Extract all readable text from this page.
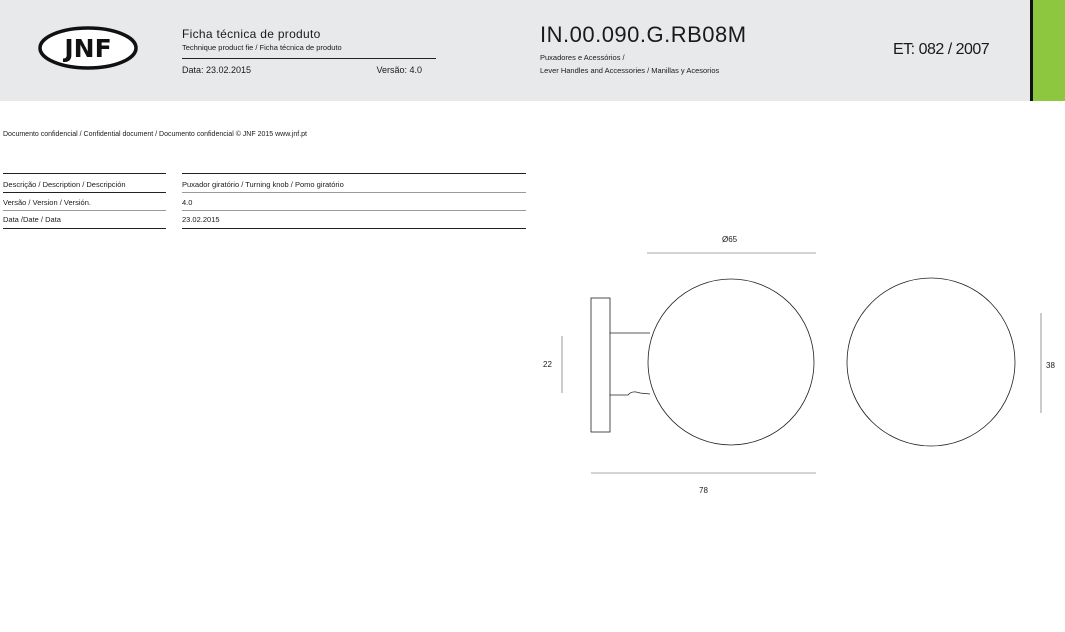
JNF	Ficha técnica de produto
Technique product fie / Ficha técnica de produto
Data: 23.02.2015	Versão: 4.0
IN.00.090.G.RB08M
Puxadores e Acessórios /
Lever Handles and Accessories / Manillas y Acesorios
ET: 082 / 2007
Documento confidencial / Confidential document / Documento confidencial © JNF 2015 www.jnf.pt
Descrição / Description / Descripción	Puxador giratório / Turning knob / Pomo giratório
Versão / Version / Versión.	4.0
Data /Date / Data	23.02.2015
Ø65
22
78
38
